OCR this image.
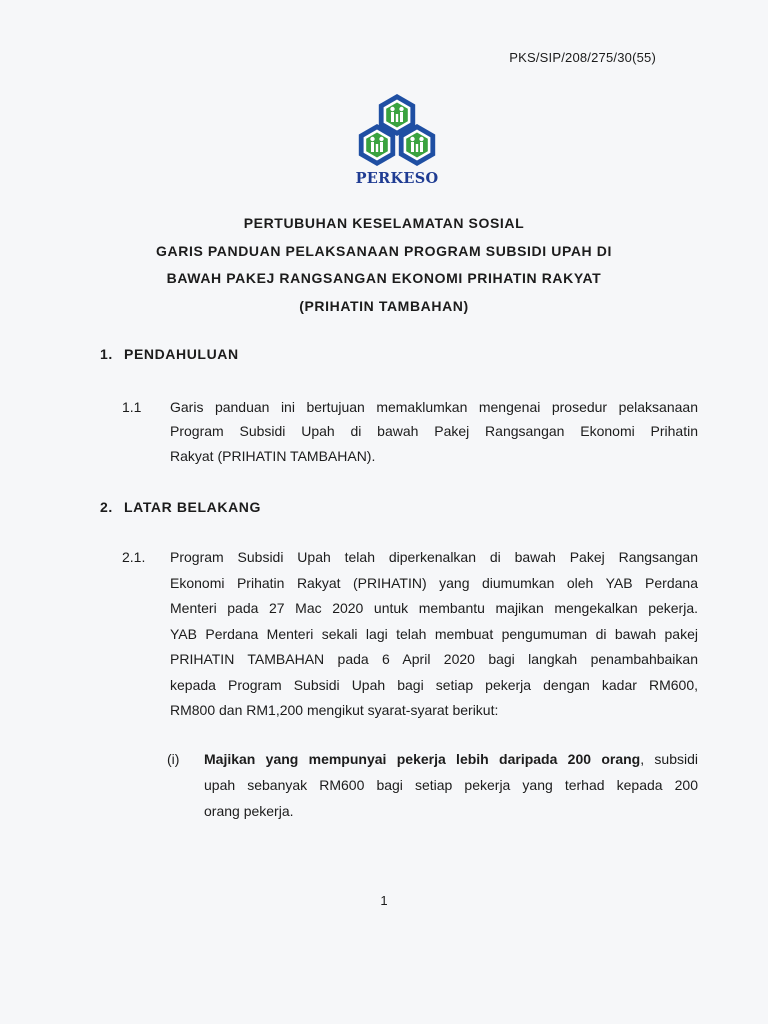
PKS/SIP/208/275/30(55)
PERKESO
PERTUBUHAN KESELAMATAN SOSIAL
GARIS PANDUAN PELAKSANAAN PROGRAM SUBSIDI UPAH DI
BAWAH PAKEJ RANGSANGAN EKONOMI PRIHATIN RAKYAT
(PRIHATIN TAMBAHAN)
1. PENDAHULUAN
1.1 Garis panduan ini bertujuan memaklumkan mengenai prosedur pelaksanaan
Program Subsidi Upah di bawah Pakej Rangsangan Ekonomi Prihatin
Rakyat (PRIHATIN TAMBAHAN).
2. LATAR BELAKANG
2.1. Program Subsidi Upah telah diperkenalkan di bawah Pakej Rangsangan
Ekonomi Prihatin Rakyat (PRIHATIN) yang diumumkan oleh YAB Perdana
Menteri pada 27 Mac 2020 untuk membantu majikan mengekalkan pekerja.
YAB Perdana Menteri sekali lagi telah membuat pengumuman di bawah pakej
PRIHATIN TAMBAHAN pada 6 April 2020 bagi langkah penambahbaikan
kepada Program Subsidi Upah bagi setiap pekerja dengan kadar RM600,
RM800 dan RM1,200 mengikut syarat-syarat berikut:
(i) Majikan yang mempunyai pekerja lebih daripada 200 orang, subsidi
upah sebanyak RM600 bagi setiap pekerja yang terhad kepada 200
orang pekerja.
1
